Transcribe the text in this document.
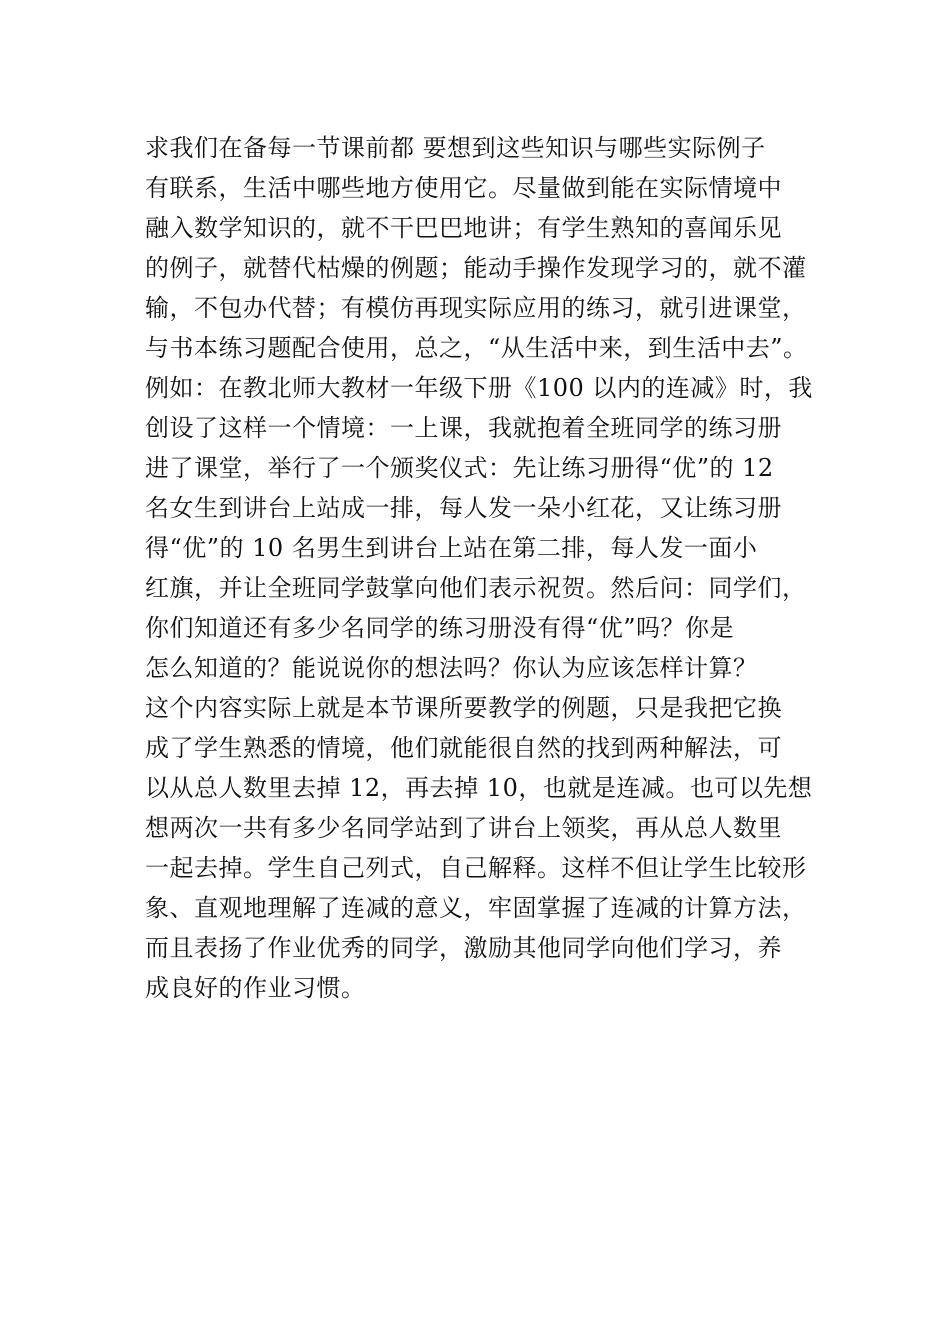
求我们在备每一节课前都 要想到这些知识与哪些实际例子
有联系，生活中哪些地方使用它。尽量做到能在实际情境中
融入数学知识的，就不干巴巴地讲；有学生熟知的喜闻乐见
的例子，就替代枯燥的例题；能动手操作发现学习的，就不灌
输，不包办代替；有模仿再现实际应用的练习，就引进课堂，
与书本练习题配合使用，总之，“从生活中来，到生活中去”。
例如：在教北师大教材一年级下册《100 以内的连减》时，我
创设了这样一个情境：一上课，我就抱着全班同学的练习册
进了课堂，举行了一个颁奖仪式：先让练习册得“优”的 12
名女生到讲台上站成一排，每人发一朵小红花，又让练习册
得“优”的 10 名男生到讲台上站在第二排，每人发一面小
红旗，并让全班同学鼓掌向他们表示祝贺。然后问：同学们，
你们知道还有多少名同学的练习册没有得“优”吗？你是
怎么知道的？能说说你的想法吗？你认为应该怎样计算？
这个内容实际上就是本节课所要教学的例题，只是我把它换
成了学生熟悉的情境，他们就能很自然的找到两种解法，可
以从总人数里去掉 12，再去掉 10，也就是连减。也可以先想
想两次一共有多少名同学站到了讲台上领奖，再从总人数里
一起去掉。学生自己列式，自己解释。这样不但让学生比较形
象、直观地理解了连减的意义，牢固掌握了连减的计算方法，
而且表扬了作业优秀的同学，激励其他同学向他们学习，养
成良好的作业习惯。
